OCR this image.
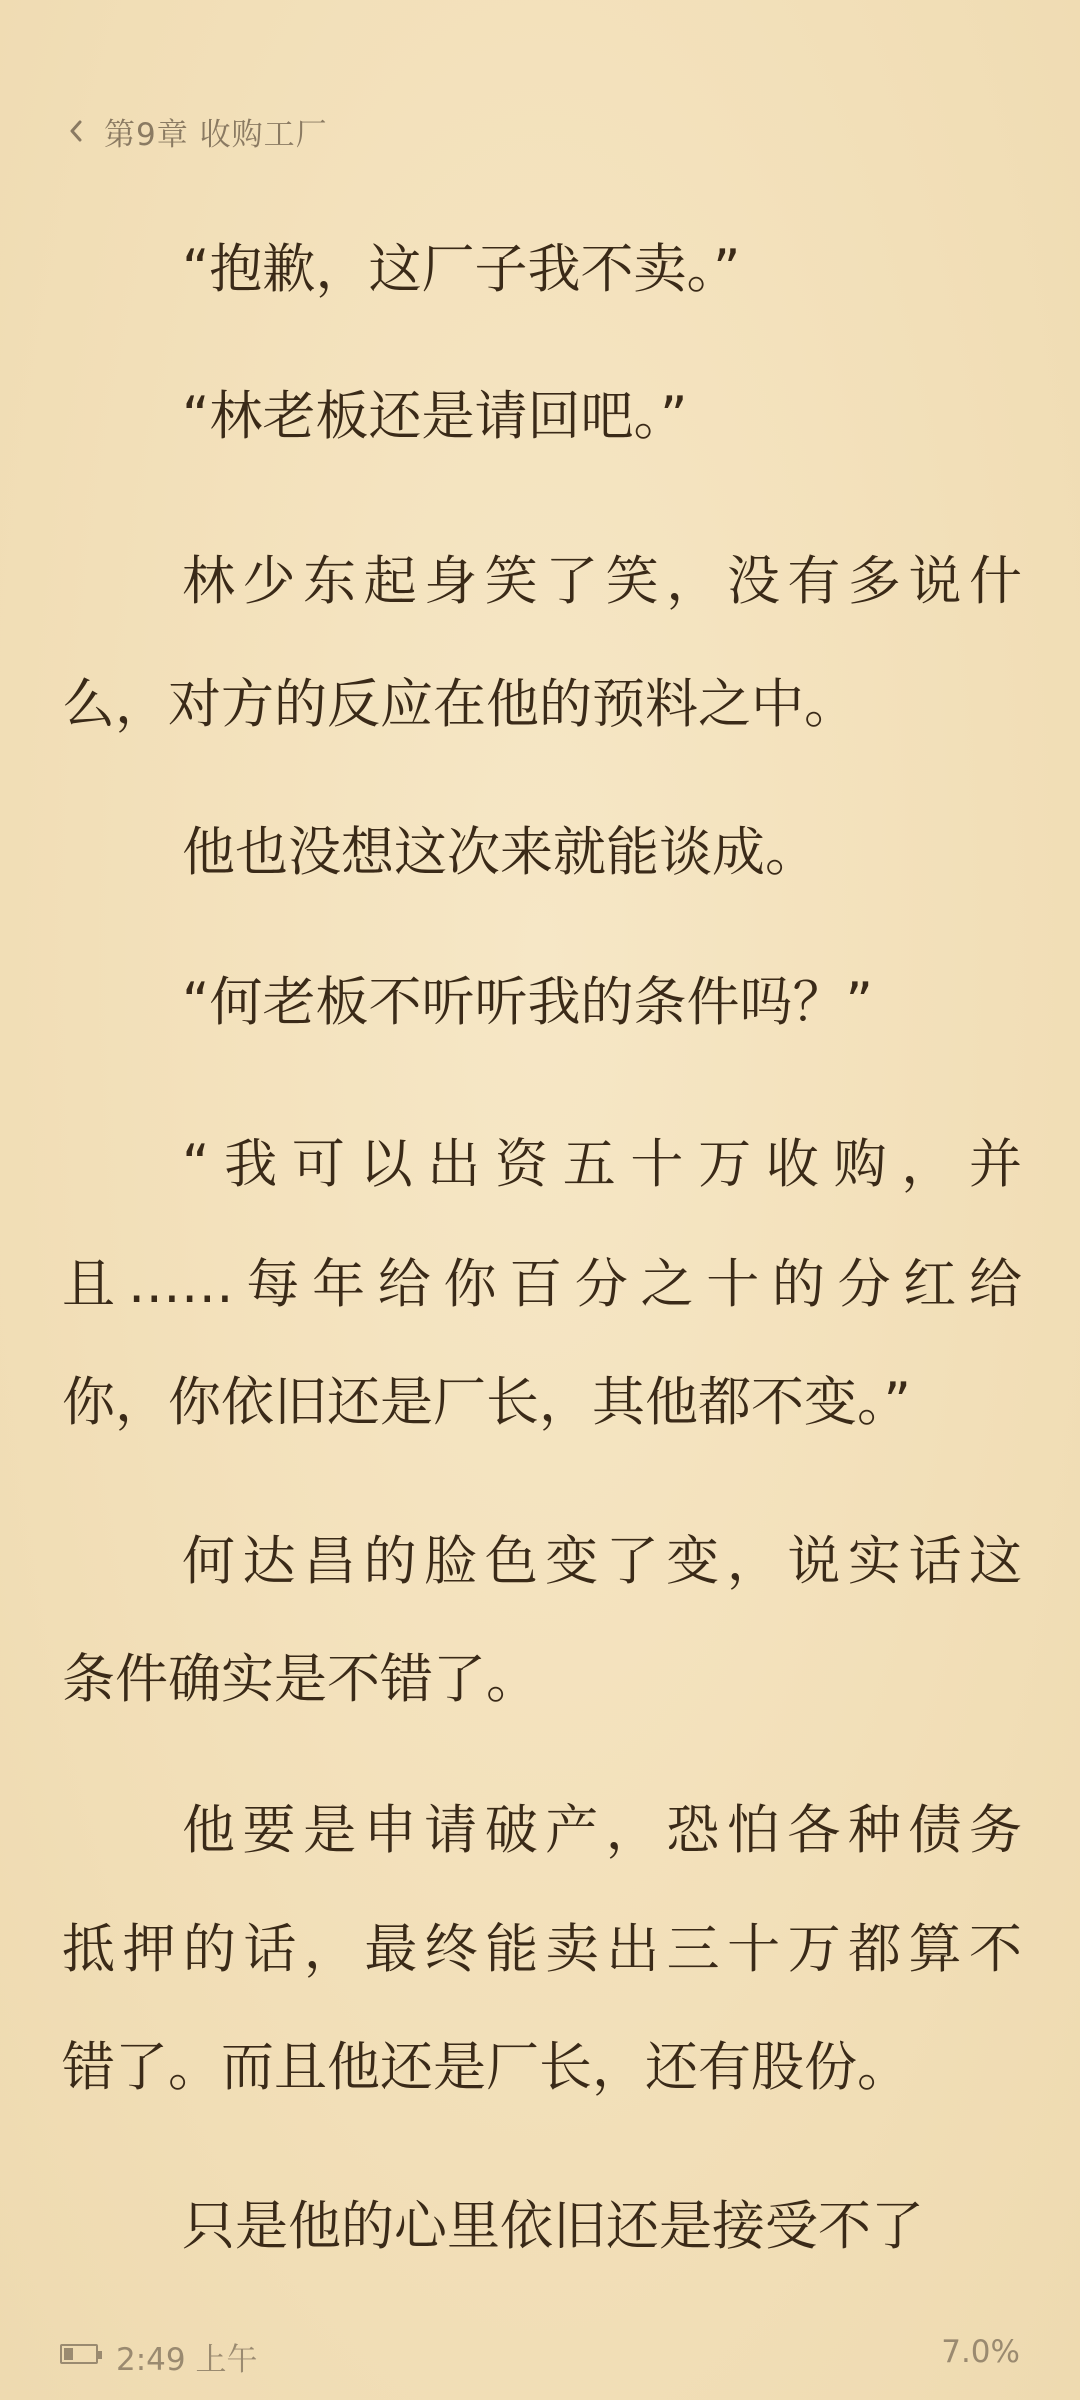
第9章 收购工厂
“抱歉，这厂子我不卖。”
“林老板还是请回吧。”
林少东起身笑了笑，没有多说什
么，对方的反应在他的预料之中。
他也没想这次来就能谈成。
“何老板不听听我的条件吗？”
“我可以出资五十万收购，并
且……每年给你百分之十的分红给
你，你依旧还是厂长，其他都不变。”
何达昌的脸色变了变，说实话这
条件确实是不错了。
他要是申请破产，恐怕各种债务
抵押的话，最终能卖出三十万都算不
错了。而且他还是厂长，还有股份。
只是他的心里依旧还是接受不了
2:49 上午	7.0%
